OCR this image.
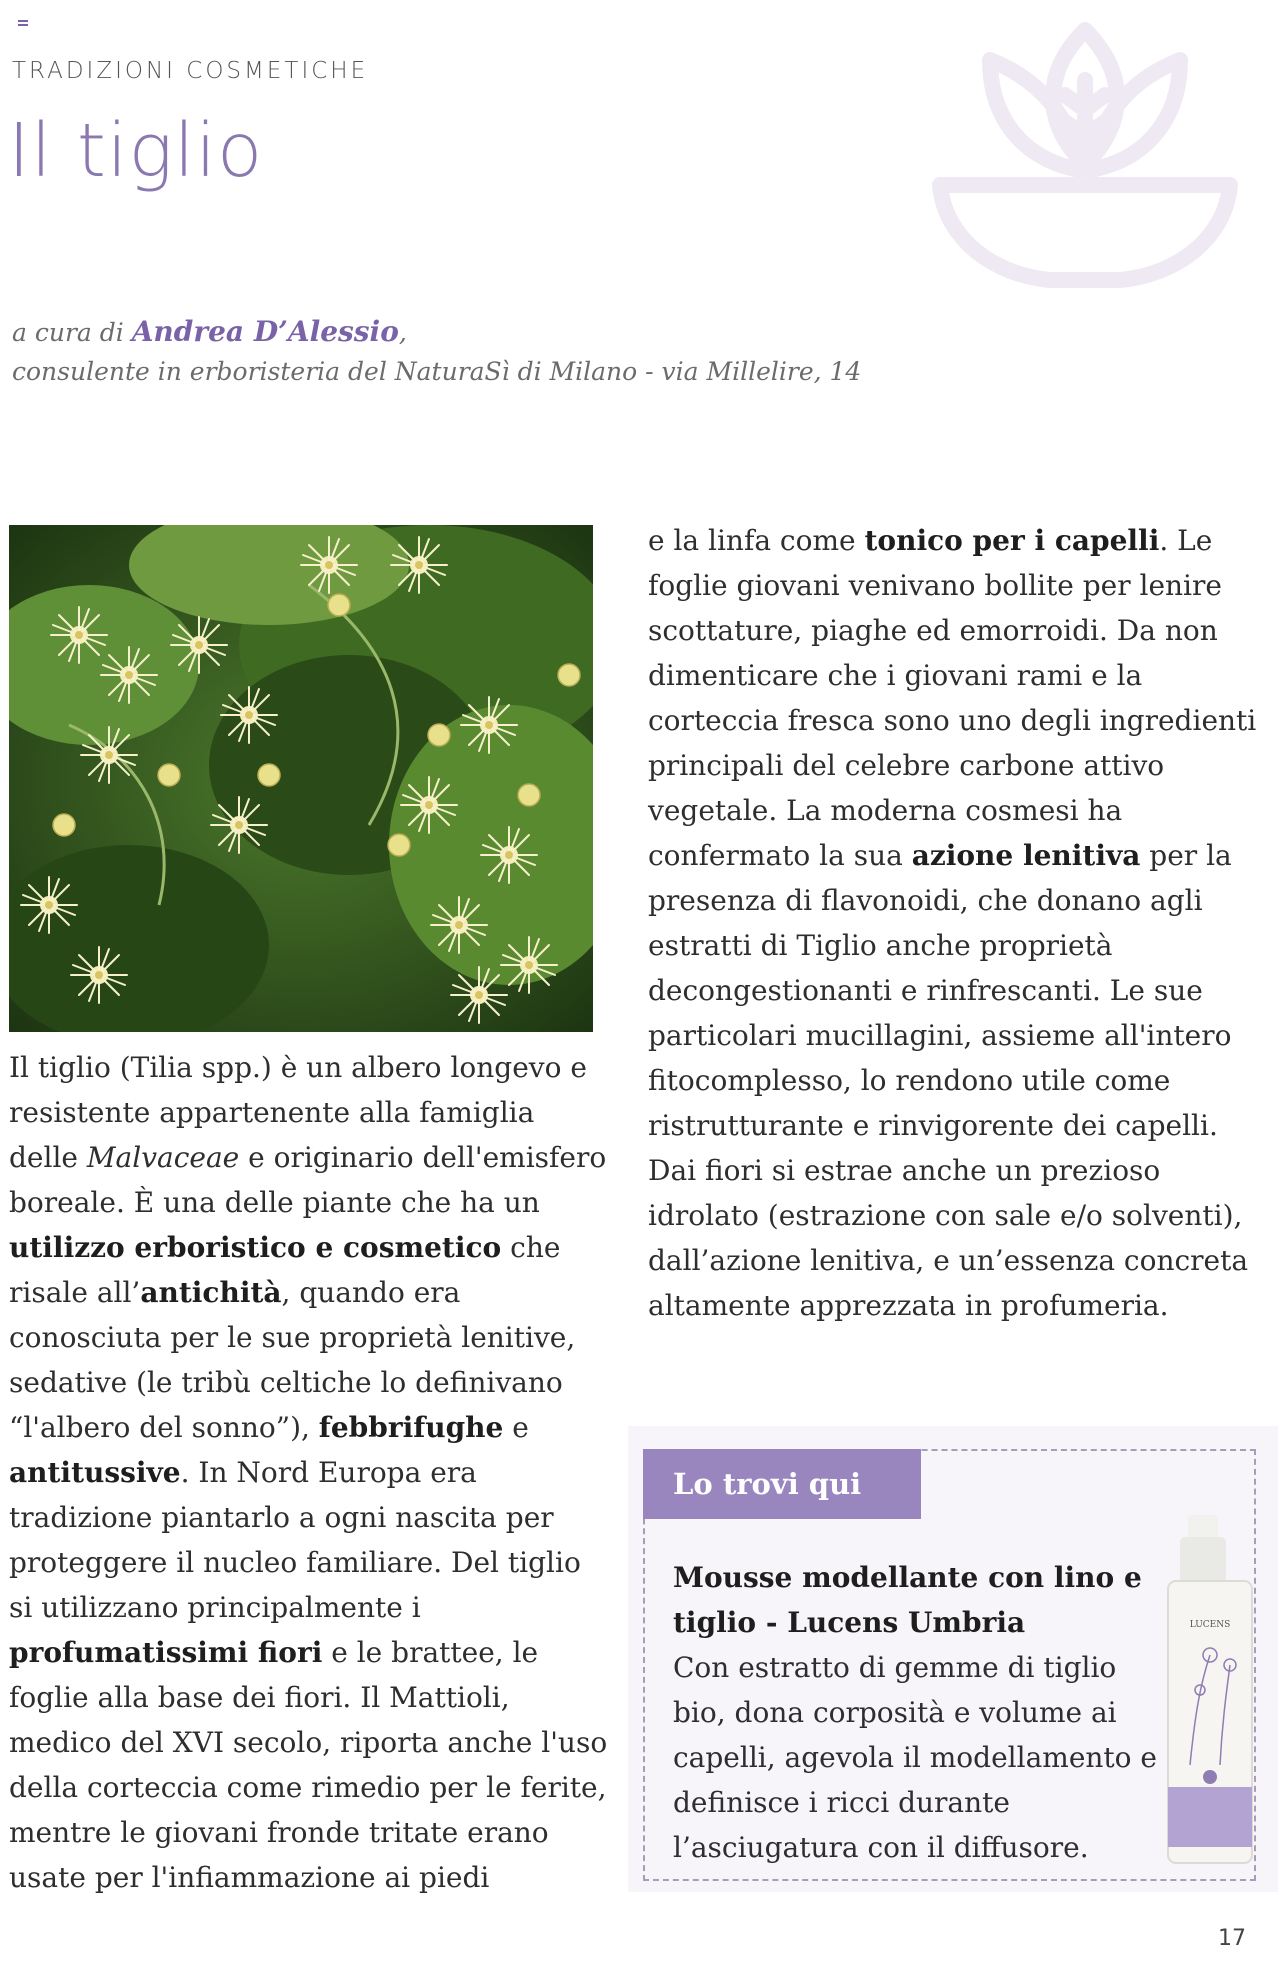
TRADIZIONI COSMETICHE
Il tiglio
a cura di Andrea D’Alessio,
consulente in erboristeria del NaturaSì di Milano - via Millelire, 14

Il tiglio (Tilia spp.) è un albero longevo e resistente appartenente alla famiglia delle Malvaceae e originario dell'emisfero boreale. È una delle piante che ha un utilizzo erboristico e cosmetico che risale all’antichità, quando era conosciuta per le sue proprietà lenitive, sedative (le tribù celtiche lo definivano “l'albero del sonno”), febbrifughe e antitussive. In Nord Europa era tradizione piantarlo a ogni nascita per proteggere il nucleo familiare. Del tiglio si utilizzano principalmente i profumatissimi fiori e le brattee, le foglie alla base dei fiori. Il Mattioli, medico del XVI secolo, riporta anche l'uso della corteccia come rimedio per le ferite, mentre le giovani fronde tritate erano usate per l'infiammazione ai piedi

e la linfa come tonico per i capelli. Le foglie giovani venivano bollite per lenire scottature, piaghe ed emorroidi. Da non dimenticare che i giovani rami e la corteccia fresca sono uno degli ingredienti principali del celebre carbone attivo vegetale. La moderna cosmesi ha confermato la sua azione lenitiva per la presenza di flavonoidi, che donano agli estratti di Tiglio anche proprietà decongestionanti e rinfrescanti. Le sue particolari mucillagini, assieme all'intero fitocomplesso, lo rendono utile come ristrutturante e rinvigorente dei capelli. Dai fiori si estrae anche un prezioso idrolato (estrazione con sale e/o solventi), dall’azione lenitiva, e un’essenza concreta altamente apprezzata in profumeria.

Lo trovi qui
Mousse modellante con lino e tiglio - Lucens Umbria
Con estratto di gemme di tiglio bio, dona corposità e volume ai capelli, agevola il modellamento e definisce i ricci durante l’asciugatura con il diffusore.
LUCENS
17
